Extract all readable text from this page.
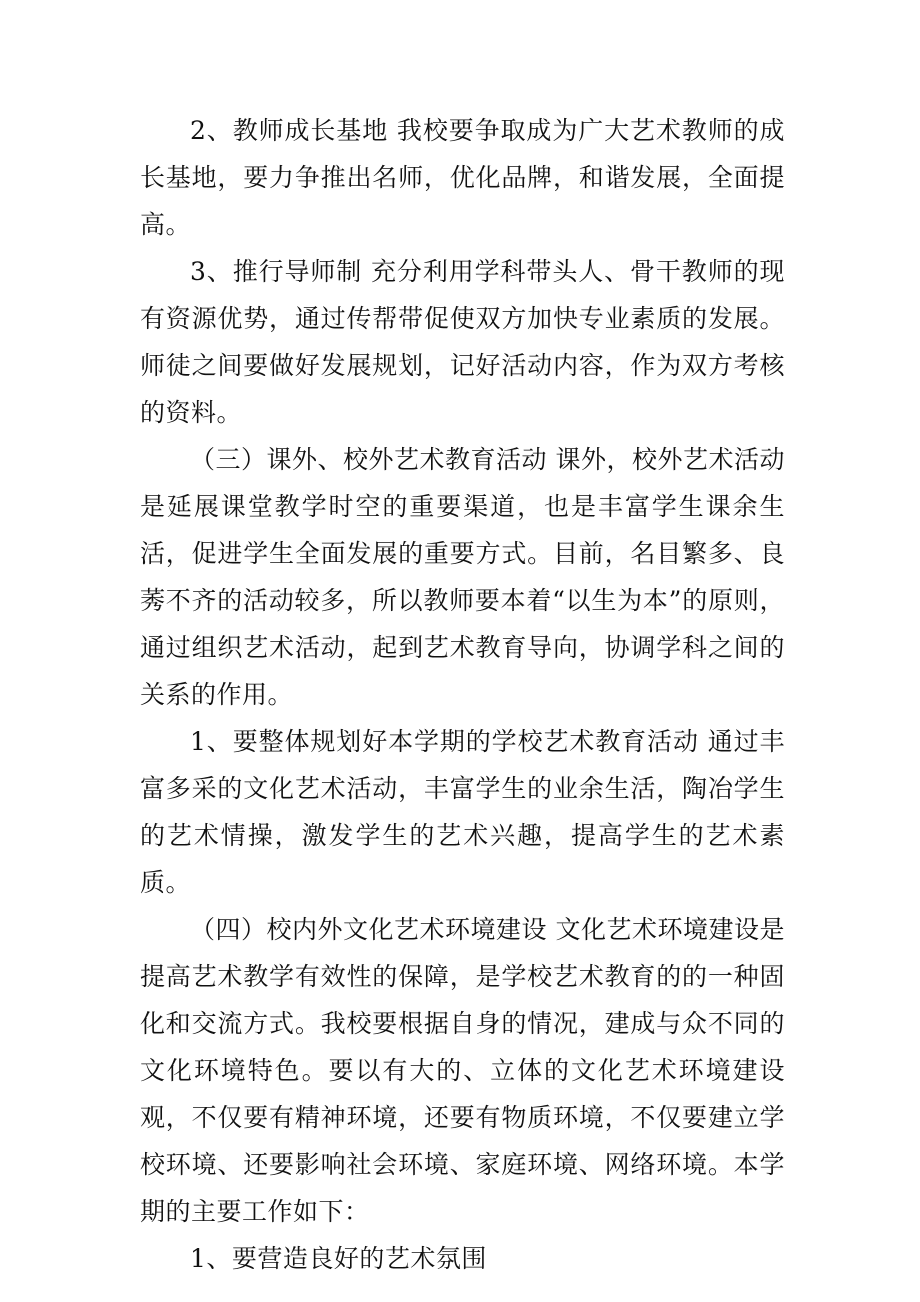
2、教师成长基地 我校要争取成为广大艺术教师的成长基地，要力争推出名师，优化品牌，和谐发展，全面提高。

3、推行导师制 充分利用学科带头人、骨干教师的现有资源优势，通过传帮带促使双方加快专业素质的发展。师徒之间要做好发展规划，记好活动内容，作为双方考核的资料。

（三）课外、校外艺术教育活动 课外，校外艺术活动是延展课堂教学时空的重要渠道，也是丰富学生课余生活，促进学生全面发展的重要方式。目前，名目繁多、良莠不齐的活动较多，所以教师要本着“以生为本”的原则，通过组织艺术活动，起到艺术教育导向，协调学科之间的关系的作用。

1、要整体规划好本学期的学校艺术教育活动 通过丰富多采的文化艺术活动，丰富学生的业余生活，陶冶学生的艺术情操，激发学生的艺术兴趣，提高学生的艺术素质。

（四）校内外文化艺术环境建设 文化艺术环境建设是提高艺术教学有效性的保障，是学校艺术教育的的一种固化和交流方式。我校要根据自身的情况，建成与众不同的文化环境特色。要以有大的、立体的文化艺术环境建设观，不仅要有精神环境，还要有物质环境，不仅要建立学校环境、还要影响社会环境、家庭环境、网络环境。本学期的主要工作如下：

1、要营造良好的艺术氛围
